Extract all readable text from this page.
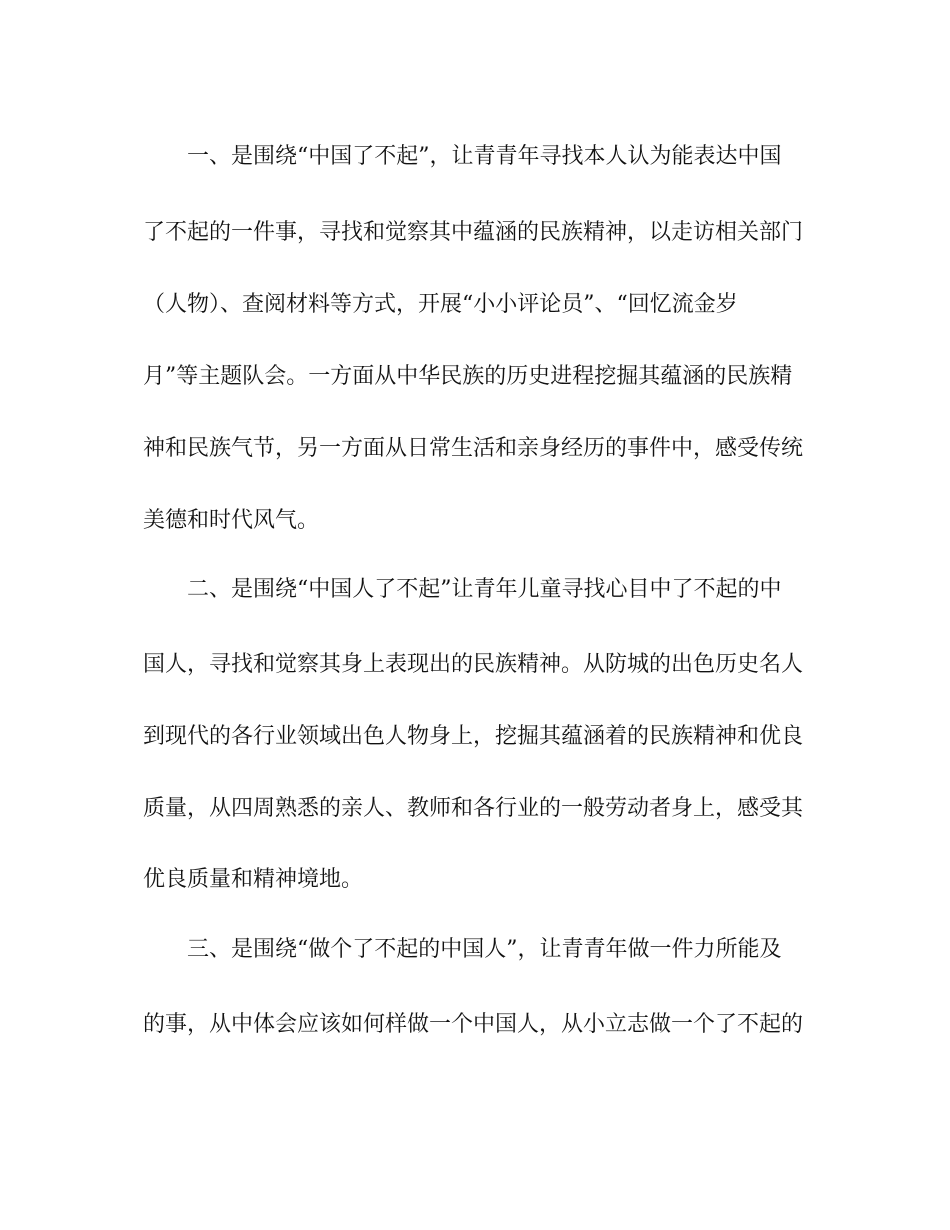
一、是围绕“中国了不起”，让青青年寻找本人认为能表达中国
了不起的一件事，寻找和觉察其中蕴涵的民族精神，以走访相关部门
（人物）、查阅材料等方式，开展“小小评论员”、“回忆流金岁
月”等主题队会。一方面从中华民族的历史进程挖掘其蕴涵的民族精
神和民族气节，另一方面从日常生活和亲身经历的事件中，感受传统
美德和时代风气。
二、是围绕“中国人了不起”让青年儿童寻找心目中了不起的中
国人，寻找和觉察其身上表现出的民族精神。从防城的出色历史名人
到现代的各行业领域出色人物身上，挖掘其蕴涵着的民族精神和优良
质量，从四周熟悉的亲人、教师和各行业的一般劳动者身上，感受其
优良质量和精神境地。
三、是围绕“做个了不起的中国人”，让青青年做一件力所能及
的事，从中体会应该如何样做一个中国人，从小立志做一个了不起的
